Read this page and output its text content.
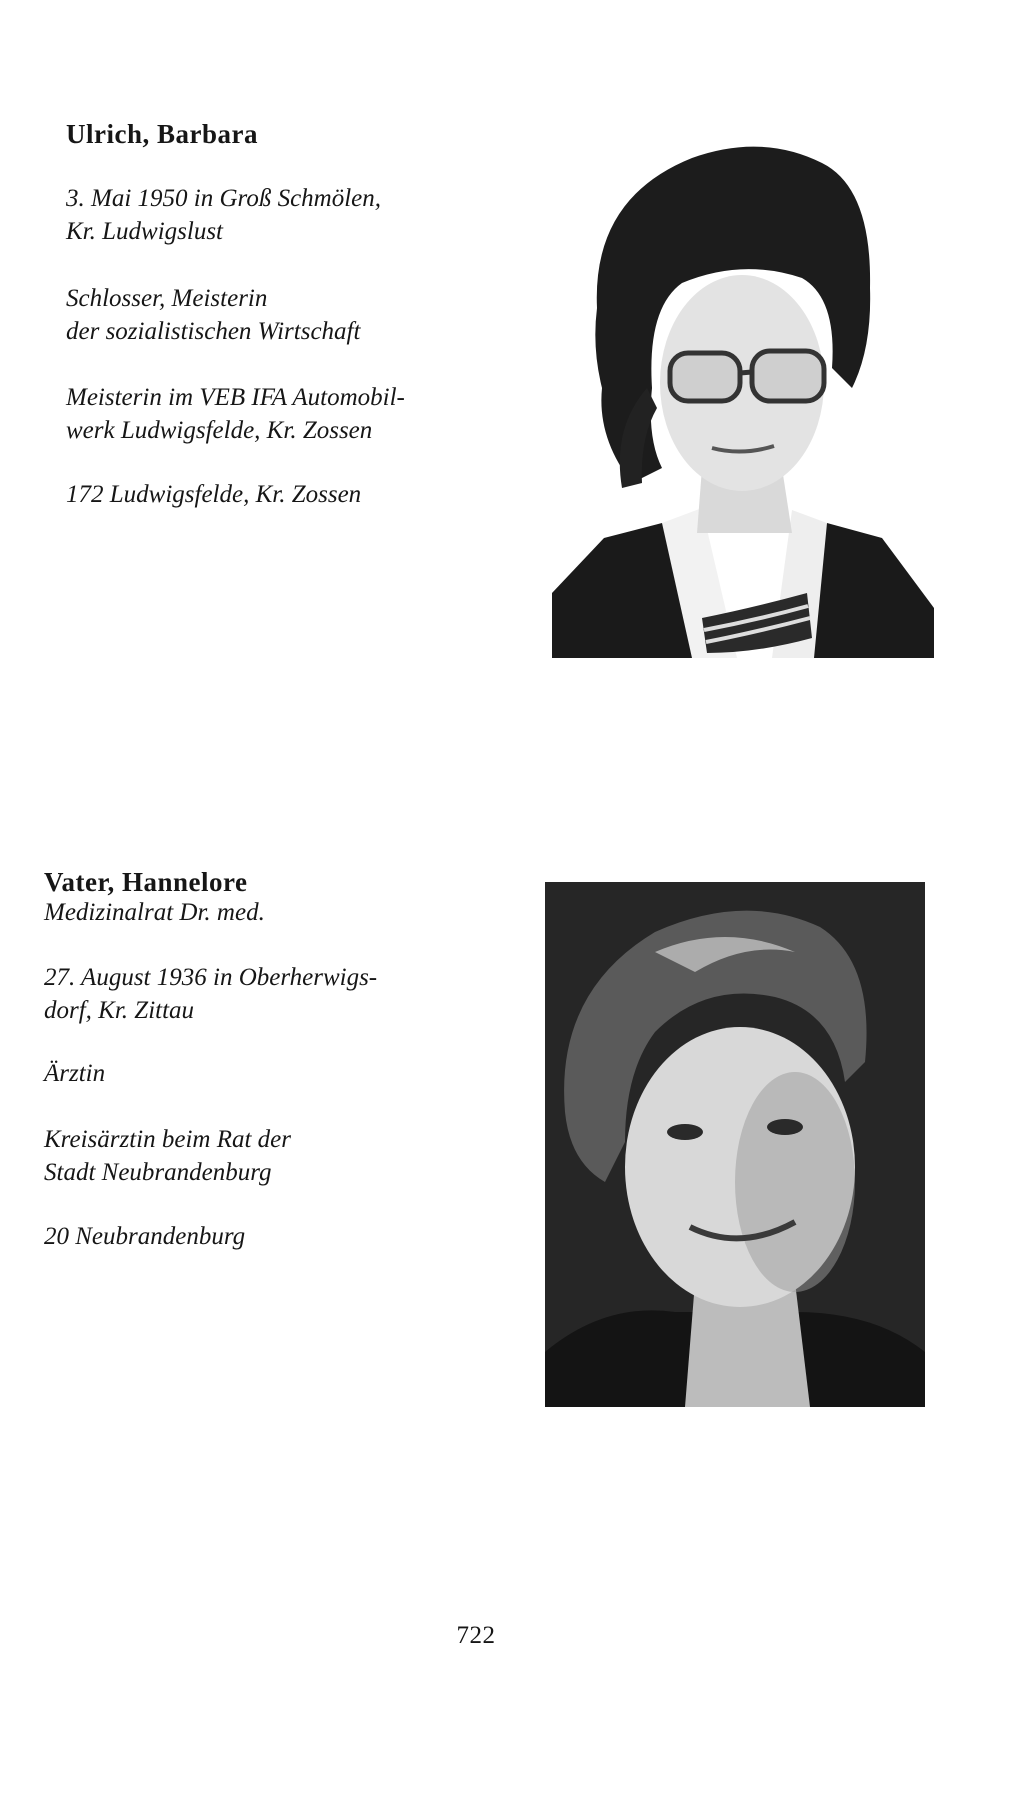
Ulrich, Barbara

3. Mai 1950 in Groß Schmölen,
Kr. Ludwigslust
Schlosser, Meisterin
der sozialistischen Wirtschaft
Meisterin im VEB IFA Automobil-
werk Ludwigsfelde, Kr. Zossen
172 Ludwigsfelde, Kr. Zossen

Vater, Hannelore

Medizinalrat Dr. med.

27. August 1936 in Oberherwigs-
dorf, Kr. Zittau
Ärztin
Kreisärztin beim Rat der
Stadt Neubrandenburg
20 Neubrandenburg
722
